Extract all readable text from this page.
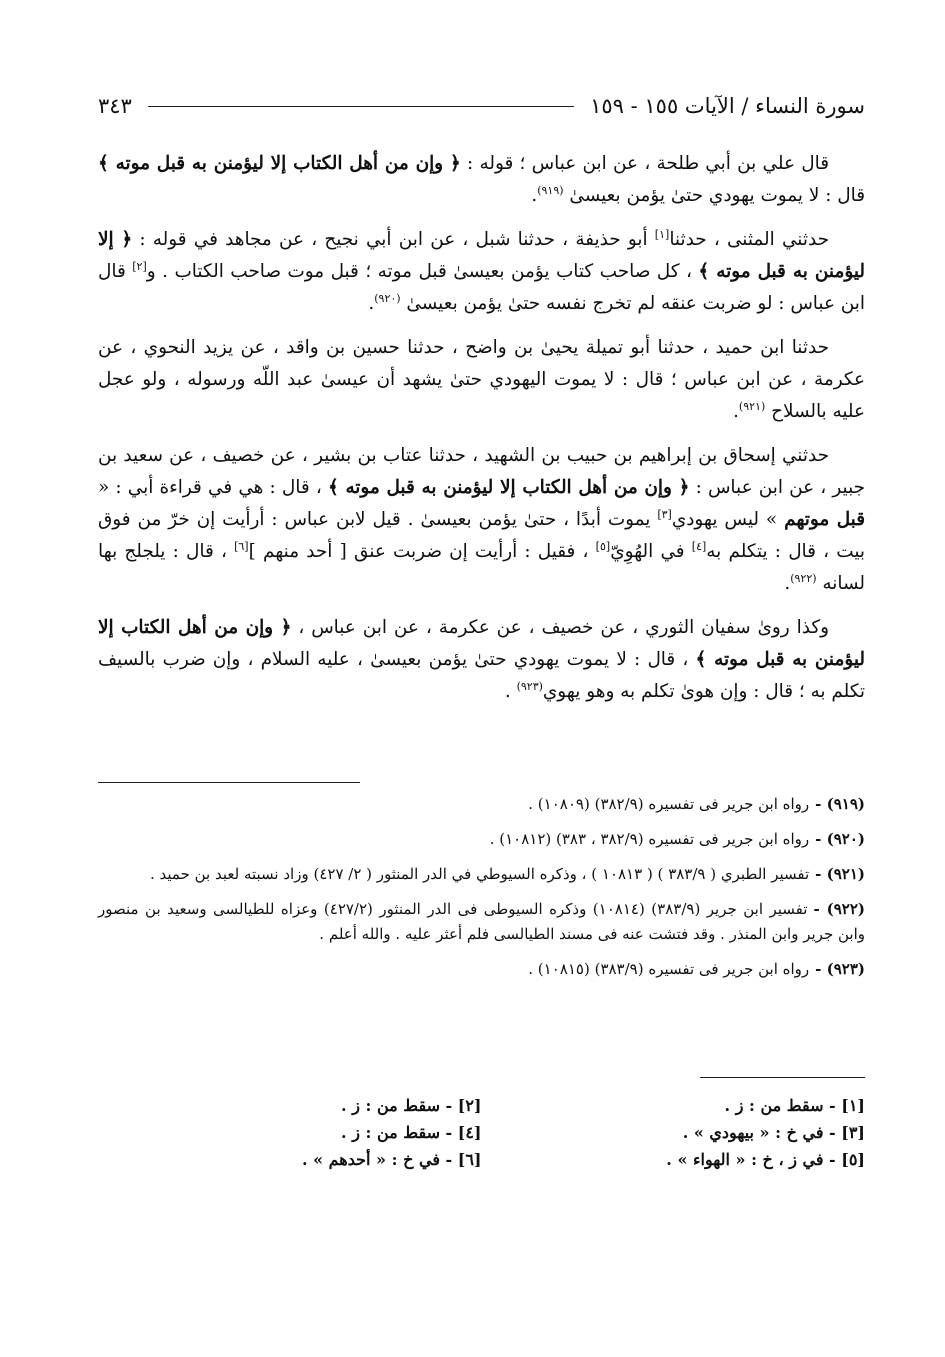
سورة النساء / الآيات ١٥٥ - ١٥٩
٣٤٣

قال علي بن أبي طلحة ، عن ابن عباس ؛ قوله : ﴿ وإن من أهل الكتاب إلا ليؤمنن به قبل موته ﴾ قال : لا يموت يهودي حتىٰ يؤمن بعيسىٰ $^{(٩١٩)}$.

حدثني المثنى ، حدثنا[١] أبو حذيفة ، حدثنا شبل ، عن ابن أبي نجيح ، عن مجاهد في قوله : ﴿ إلا ليؤمنن به قبل موته ﴾ ، كل صاحب كتاب يؤمن بعيسىٰ قبل موته ؛ قبل موت صاحب الكتاب . و[٢] قال ابن عباس : لو ضربت عنقه لم تخرج نفسه حتىٰ يؤمن بعيسىٰ $^{(٩٢٠)}$.

حدثنا ابن حميد ، حدثنا أبو تميلة يحيىٰ بن واضح ، حدثنا حسين بن واقد ، عن يزيد النحوي ، عن عكرمة ، عن ابن عباس ؛ قال : لا يموت اليهودي حتىٰ يشهد أن عيسىٰ عبد اللّه ورسوله ، ولو عجل عليه بالسلاح $^{(٩٢١)}$.

حدثني إسحاق بن إبراهيم بن حبيب بن الشهيد ، حدثنا عتاب بن بشير ، عن خصيف ، عن سعيد بن جبير ، عن ابن عباس : ﴿ وإن من أهل الكتاب إلا ليؤمنن به قبل موته ﴾ ، قال : هي في قراءة أبي : « قبل موتهم » ليس يهودي[٣] يموت أبدًا ، حتىٰ يؤمن بعيسىٰ . قيل لابن عباس : أرأيت إن خرّ من فوق بيت ، قال : يتكلم به[٤] في الهُوِيّ[٥] ، فقيل : أرأيت إن ضربت عنق [ أحد منهم ][٦] ، قال : يلجلج بها لسانه $^{(٩٢٢)}$.

وكذا روىٰ سفيان الثوري ، عن خصيف ، عن عكرمة ، عن ابن عباس ، ﴿ وإن من أهل الكتاب إلا ليؤمنن به قبل موته ﴾ ، قال : لا يموت يهودي حتىٰ يؤمن بعيسىٰ ، عليه السلام ، وإن ضرب بالسيف تكلم به ؛ قال : وإن هوىٰ تكلم به وهو يهوي$^{(٩٢٣)}$ .

(٩١٩) -رواه ابن جرير فى تفسيره (٣٨٢/٩) (١٠٨٠٩) .
(٩٢٠) -رواه ابن جرير فى تفسيره (٣٨٢/٩ ، ٣٨٣) (١٠٨١٢) .
(٩٢١) -تفسير الطبري ( ٣٨٣/٩ ) ( ١٠٨١٣ ) ، وذكره السيوطي في الدر المنثور ( ٢/ ٤٢٧) وزاد نسبته لعبد بن حميد .
(٩٢٢) -تفسير ابن جرير (٣٨٣/٩) (١٠٨١٤) وذكره السيوطى فى الدر المنثور (٤٢٧/٢) وعزاه للطيالسى وسعيد بن منصور وابن جرير وابن المنذر . وقد فتشت عنه فى مسند الطيالسى فلم أعثر عليه . والله أعلم .
(٩٢٣) -رواه ابن جرير فى تفسيره (٣٨٣/٩) (١٠٨١٥) .
[١] - سقط من : ز .
[٢] - سقط من : ز .
[٣] - في خ : « بيهودي » .
[٤] - سقط من : ز .
[٥] - في ز ، خ : « الهواء » .
[٦] - في خ : « أحدهم » .
